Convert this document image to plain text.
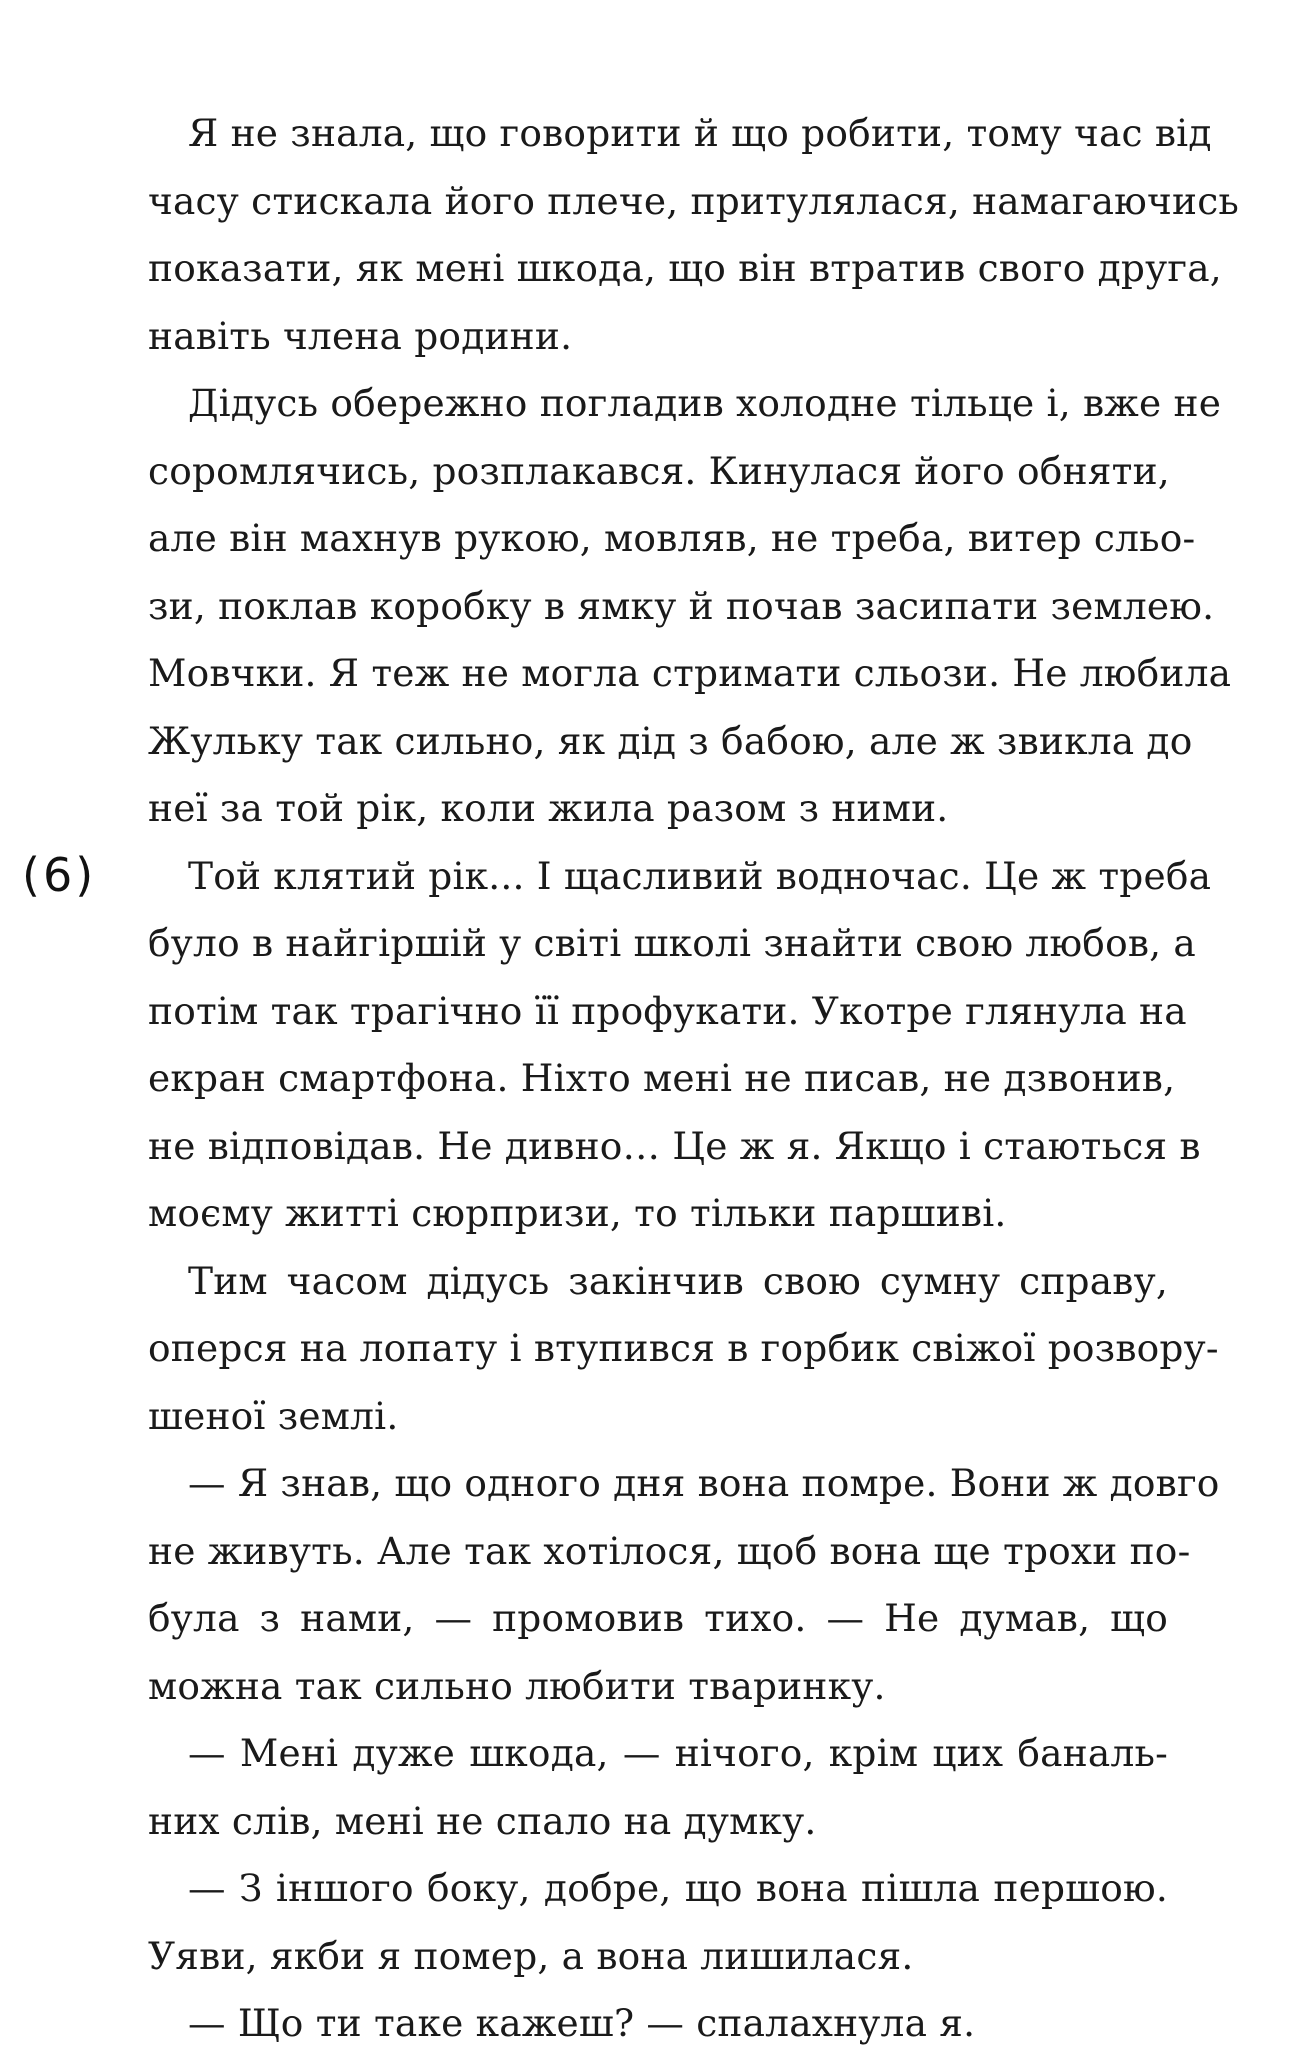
(6)
Я не знала, що говорити й що робити, тому час від
часу стискала його плече, притулялася, намагаючись
показати, як мені шкода, що він втратив свого друга,
навіть члена родини.
Дідусь обережно погладив холодне тільце і, вже не
соромлячись, розплакався. Кинулася його обняти,
але він махнув рукою, мовляв, не треба, витер сльо-
зи, поклав коробку в ямку й почав засипати землею.
Мовчки. Я теж не могла стримати сльози. Не любила
Жульку так сильно, як дід з бабою, але ж звикла до
неї за той рік, коли жила разом з ними.
Той клятий рік... І щасливий водночас. Це ж треба
було в найгіршій у світі школі знайти свою любов, а
потім так трагічно її профукати. Укотре глянула на
екран смартфона. Ніхто мені не писав, не дзвонив,
не відповідав. Не дивно… Це ж я. Якщо і стаються в
моєму житті сюрпризи, то тільки паршиві.
Тим часом дідусь закінчив свою сумну справу,
оперся на лопату і втупився в горбик свіжої розвору-
шеної землі.
— Я знав, що одного дня вона помре. Вони ж довго
не живуть. Але так хотілося, щоб вона ще трохи по-
була з нами, — промовив тихо. — Не думав, що
можна так сильно любити тваринку.
— Мені дуже шкода, — нічого, крім цих баналь-
них слів, мені не спало на думку.
— З іншого боку, добре, що вона пішла першою.
Уяви, якби я помер, а вона лишилася.
— Що ти таке кажеш? — спалахнула я.
